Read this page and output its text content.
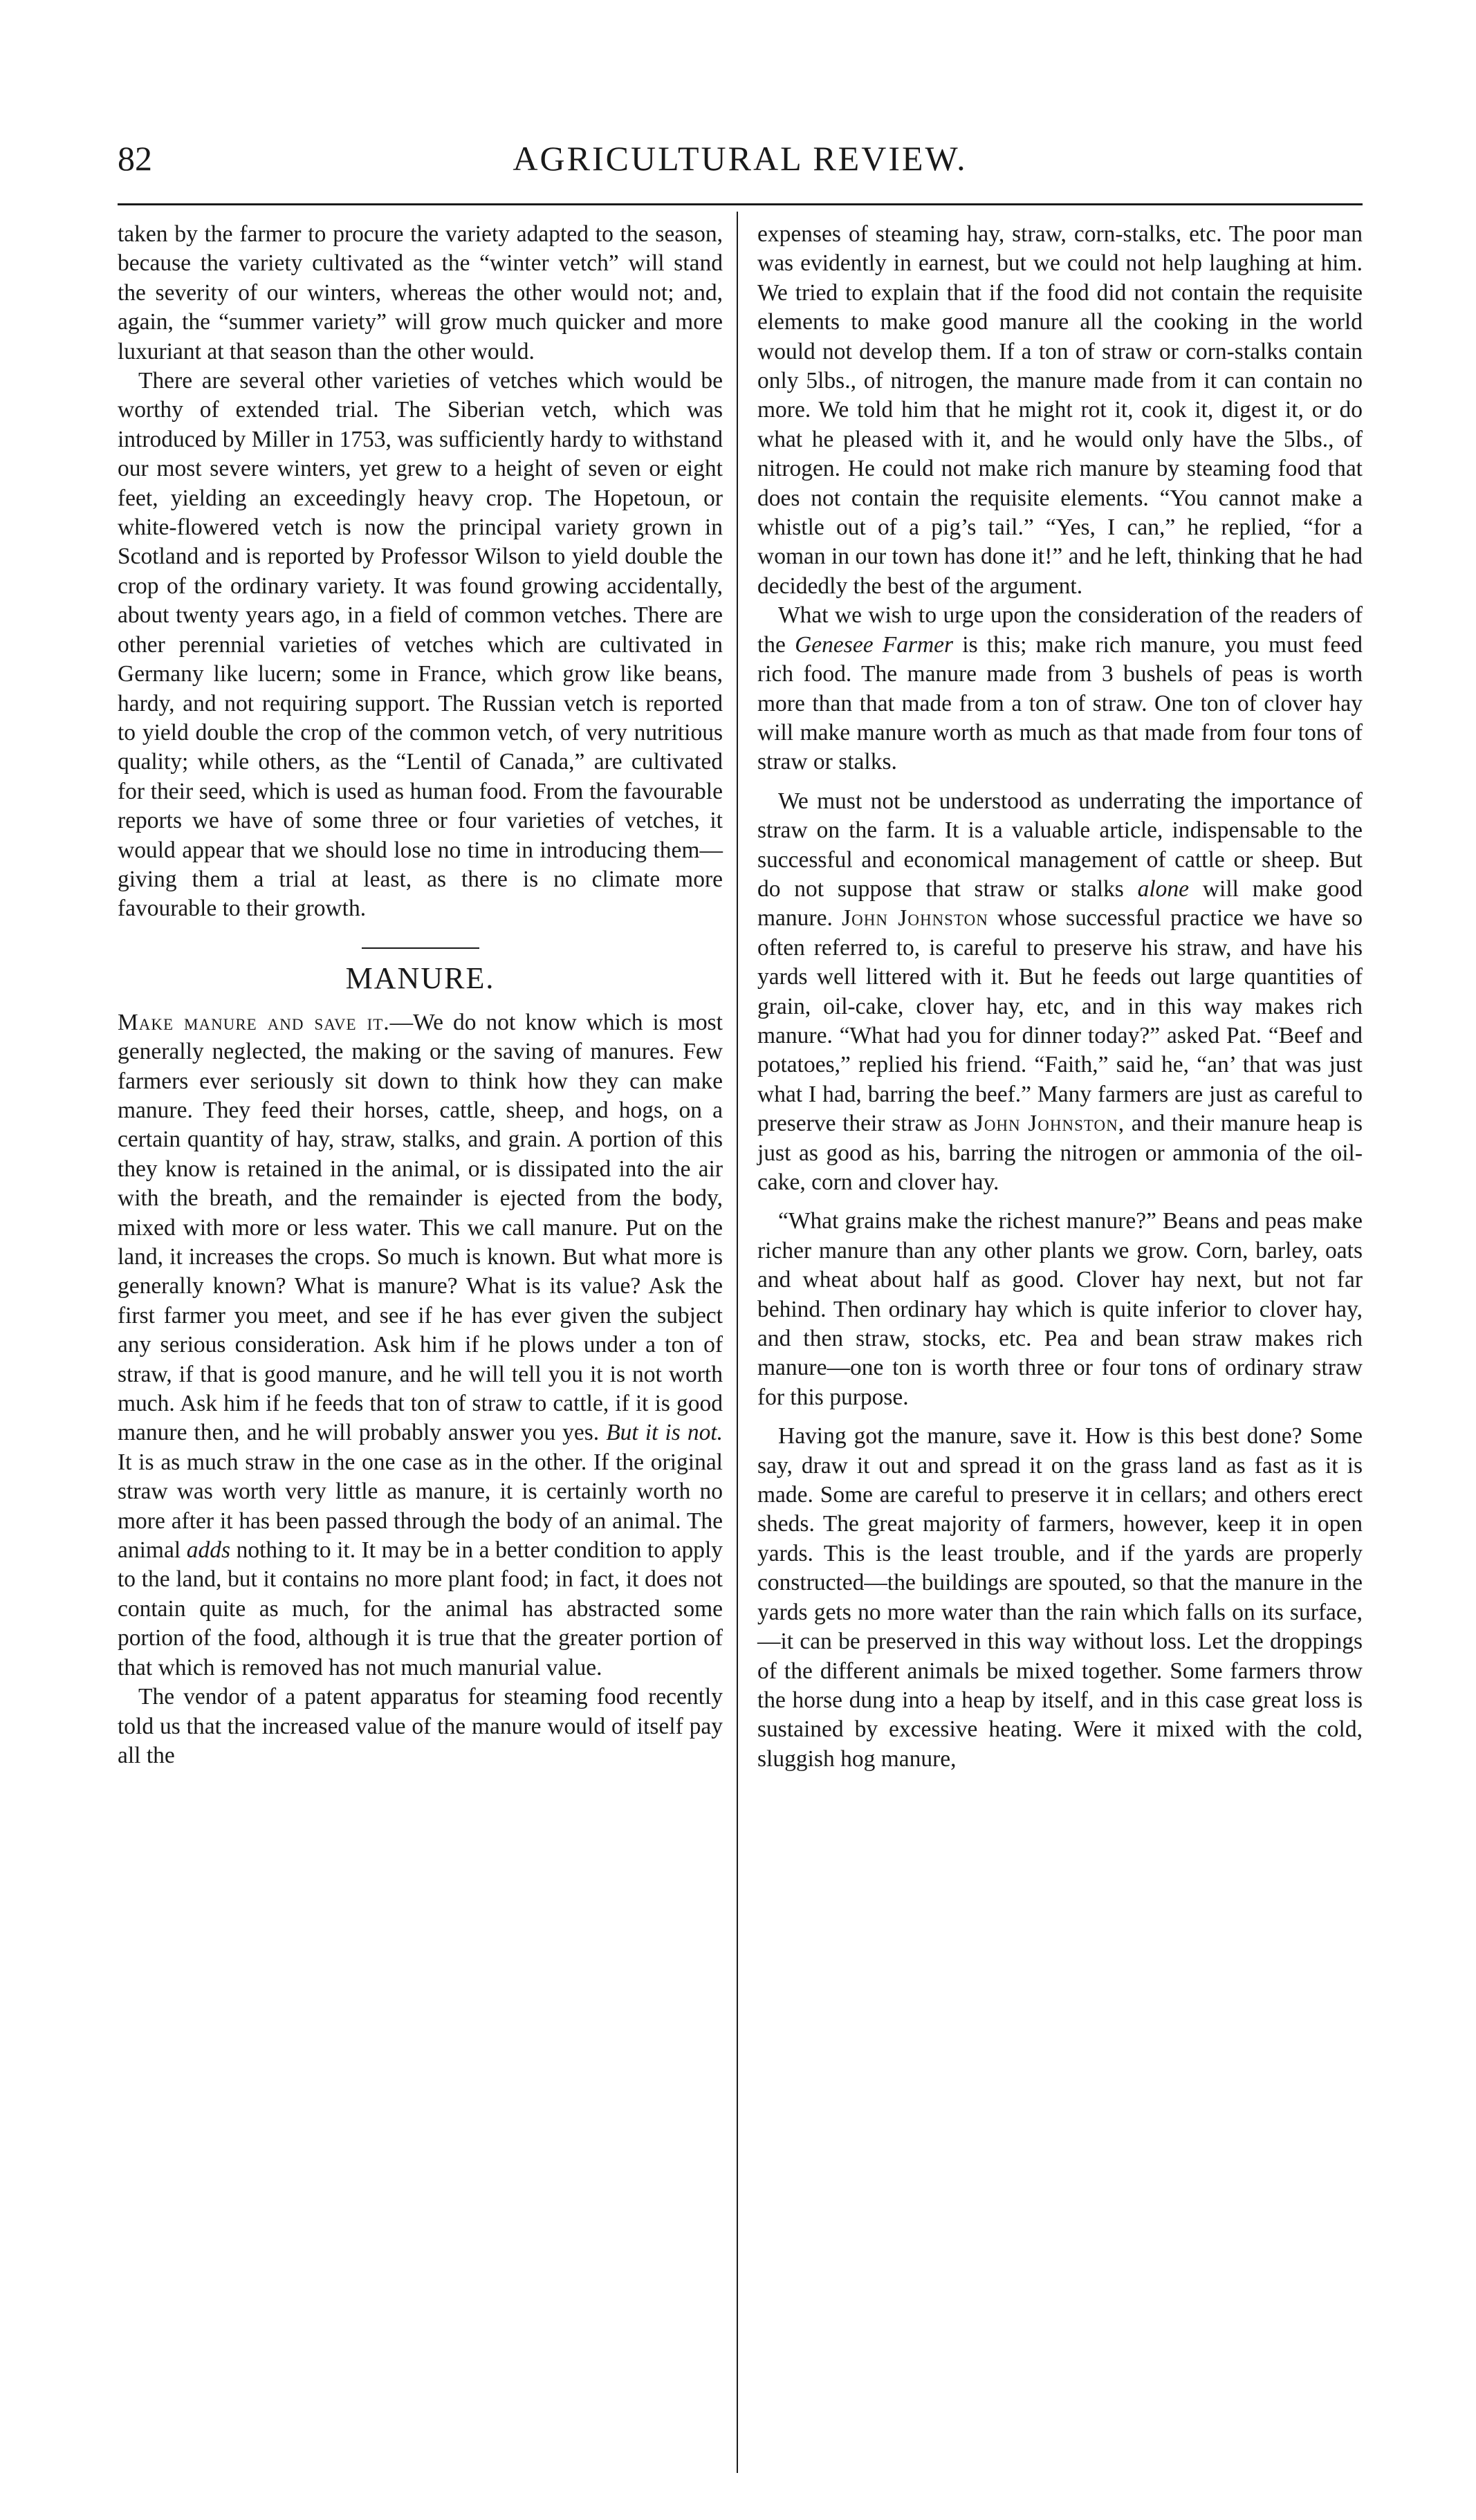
82	AGRICULTURAL REVIEW.

taken by the farmer to procure the variety adapted to the season, because the variety cultivated as the “winter vetch” will stand the severity of our winters, whereas the other would not; and, again, the “summer variety” will grow much quicker and more luxuriant at that season than the other would.

There are several other varieties of vetches which would be worthy of extended trial. The Siberian vetch, which was introduced by Miller in 1753, was sufficiently hardy to withstand our most severe winters, yet grew to a height of seven or eight feet, yielding an exceedingly heavy crop. The Hopetoun, or white-flowered vetch is now the principal variety grown in Scotland and is reported by Professor Wilson to yield double the crop of the ordinary variety. It was found growing accidentally, about twenty years ago, in a field of common vetches. There are other perennial varieties of vetches which are cultivated in Germany like lucern; some in France, which grow like beans, hardy, and not requiring support. The Russian vetch is reported to yield double the crop of the common vetch, of very nutritious quality; while others, as the “Lentil of Canada,” are cultivated for their seed, which is used as human food. From the favourable reports we have of some three or four varieties of vetches, it would appear that we should lose no time in introducing them—giving them a trial at least, as there is no climate more favourable to their growth.

MANURE.

Make manure and save it.—We do not know which is most generally neglected, the making or the saving of manures. Few farmers ever seriously sit down to think how they can make manure. They feed their horses, cattle, sheep, and hogs, on a certain quantity of hay, straw, stalks, and grain. A portion of this they know is retained in the animal, or is dissipated into the air with the breath, and the remainder is ejected from the body, mixed with more or less water. This we call manure. Put on the land, it increases the crops. So much is known. But what more is generally known? What is manure? What is its value? Ask the first farmer you meet, and see if he has ever given the subject any serious consideration. Ask him if he plows under a ton of straw, if that is good manure, and he will tell you it is not worth much. Ask him if he feeds that ton of straw to cattle, if it is good manure then, and he will probably answer you yes. But it is not. It is as much straw in the one case as in the other. If the original straw was worth very little as manure, it is certainly worth no more after it has been passed through the body of an animal. The animal adds nothing to it. It may be in a better condition to apply to the land, but it contains no more plant food; in fact, it does not contain quite as much, for the animal has abstracted some portion of the food, although it is true that the greater portion of that which is removed has not much manurial value.

The vendor of a patent apparatus for steaming food recently told us that the increased value of the manure would of itself pay all the

expenses of steaming hay, straw, corn-stalks, etc. The poor man was evidently in earnest, but we could not help laughing at him. We tried to explain that if the food did not contain the requisite elements to make good manure all the cooking in the world would not develop them. If a ton of straw or corn-stalks contain only 5lbs., of nitrogen, the manure made from it can contain no more. We told him that he might rot it, cook it, digest it, or do what he pleased with it, and he would only have the 5lbs., of nitrogen. He could not make rich manure by steaming food that does not contain the requisite elements. “You cannot make a whistle out of a pig’s tail.” “Yes, I can,” he replied, “for a woman in our town has done it!” and he left, thinking that he had decidedly the best of the argument.

What we wish to urge upon the consideration of the readers of the Genesee Farmer is this; make rich manure, you must feed rich food. The manure made from 3 bushels of peas is worth more than that made from a ton of straw. One ton of clover hay will make manure worth as much as that made from four tons of straw or stalks.

We must not be understood as underrating the importance of straw on the farm. It is a valuable article, indispensable to the successful and economical management of cattle or sheep. But do not suppose that straw or stalks alone will make good manure. John Johnston whose successful practice we have so often referred to, is careful to preserve his straw, and have his yards well littered with it. But he feeds out large quantities of grain, oil-cake, clover hay, etc, and in this way makes rich manure. “What had you for dinner today?” asked Pat. “Beef and potatoes,” replied his friend. “Faith,” said he, “an’ that was just what I had, barring the beef.” Many farmers are just as careful to preserve their straw as John Johnston, and their manure heap is just as good as his, barring the nitrogen or ammonia of the oil-cake, corn and clover hay.

“What grains make the richest manure?” Beans and peas make richer manure than any other plants we grow. Corn, barley, oats and wheat about half as good. Clover hay next, but not far behind. Then ordinary hay which is quite inferior to clover hay, and then straw, stocks, etc. Pea and bean straw makes rich manure—one ton is worth three or four tons of ordinary straw for this purpose.

Having got the manure, save it. How is this best done? Some say, draw it out and spread it on the grass land as fast as it is made. Some are careful to preserve it in cellars; and others erect sheds. The great majority of farmers, however, keep it in open yards. This is the least trouble, and if the yards are properly constructed—the buildings are spouted, so that the manure in the yards gets no more water than the rain which falls on its surface,—it can be preserved in this way without loss. Let the droppings of the different animals be mixed together. Some farmers throw the horse dung into a heap by itself, and in this case great loss is sustained by excessive heating. Were it mixed with the cold, sluggish hog manure,
